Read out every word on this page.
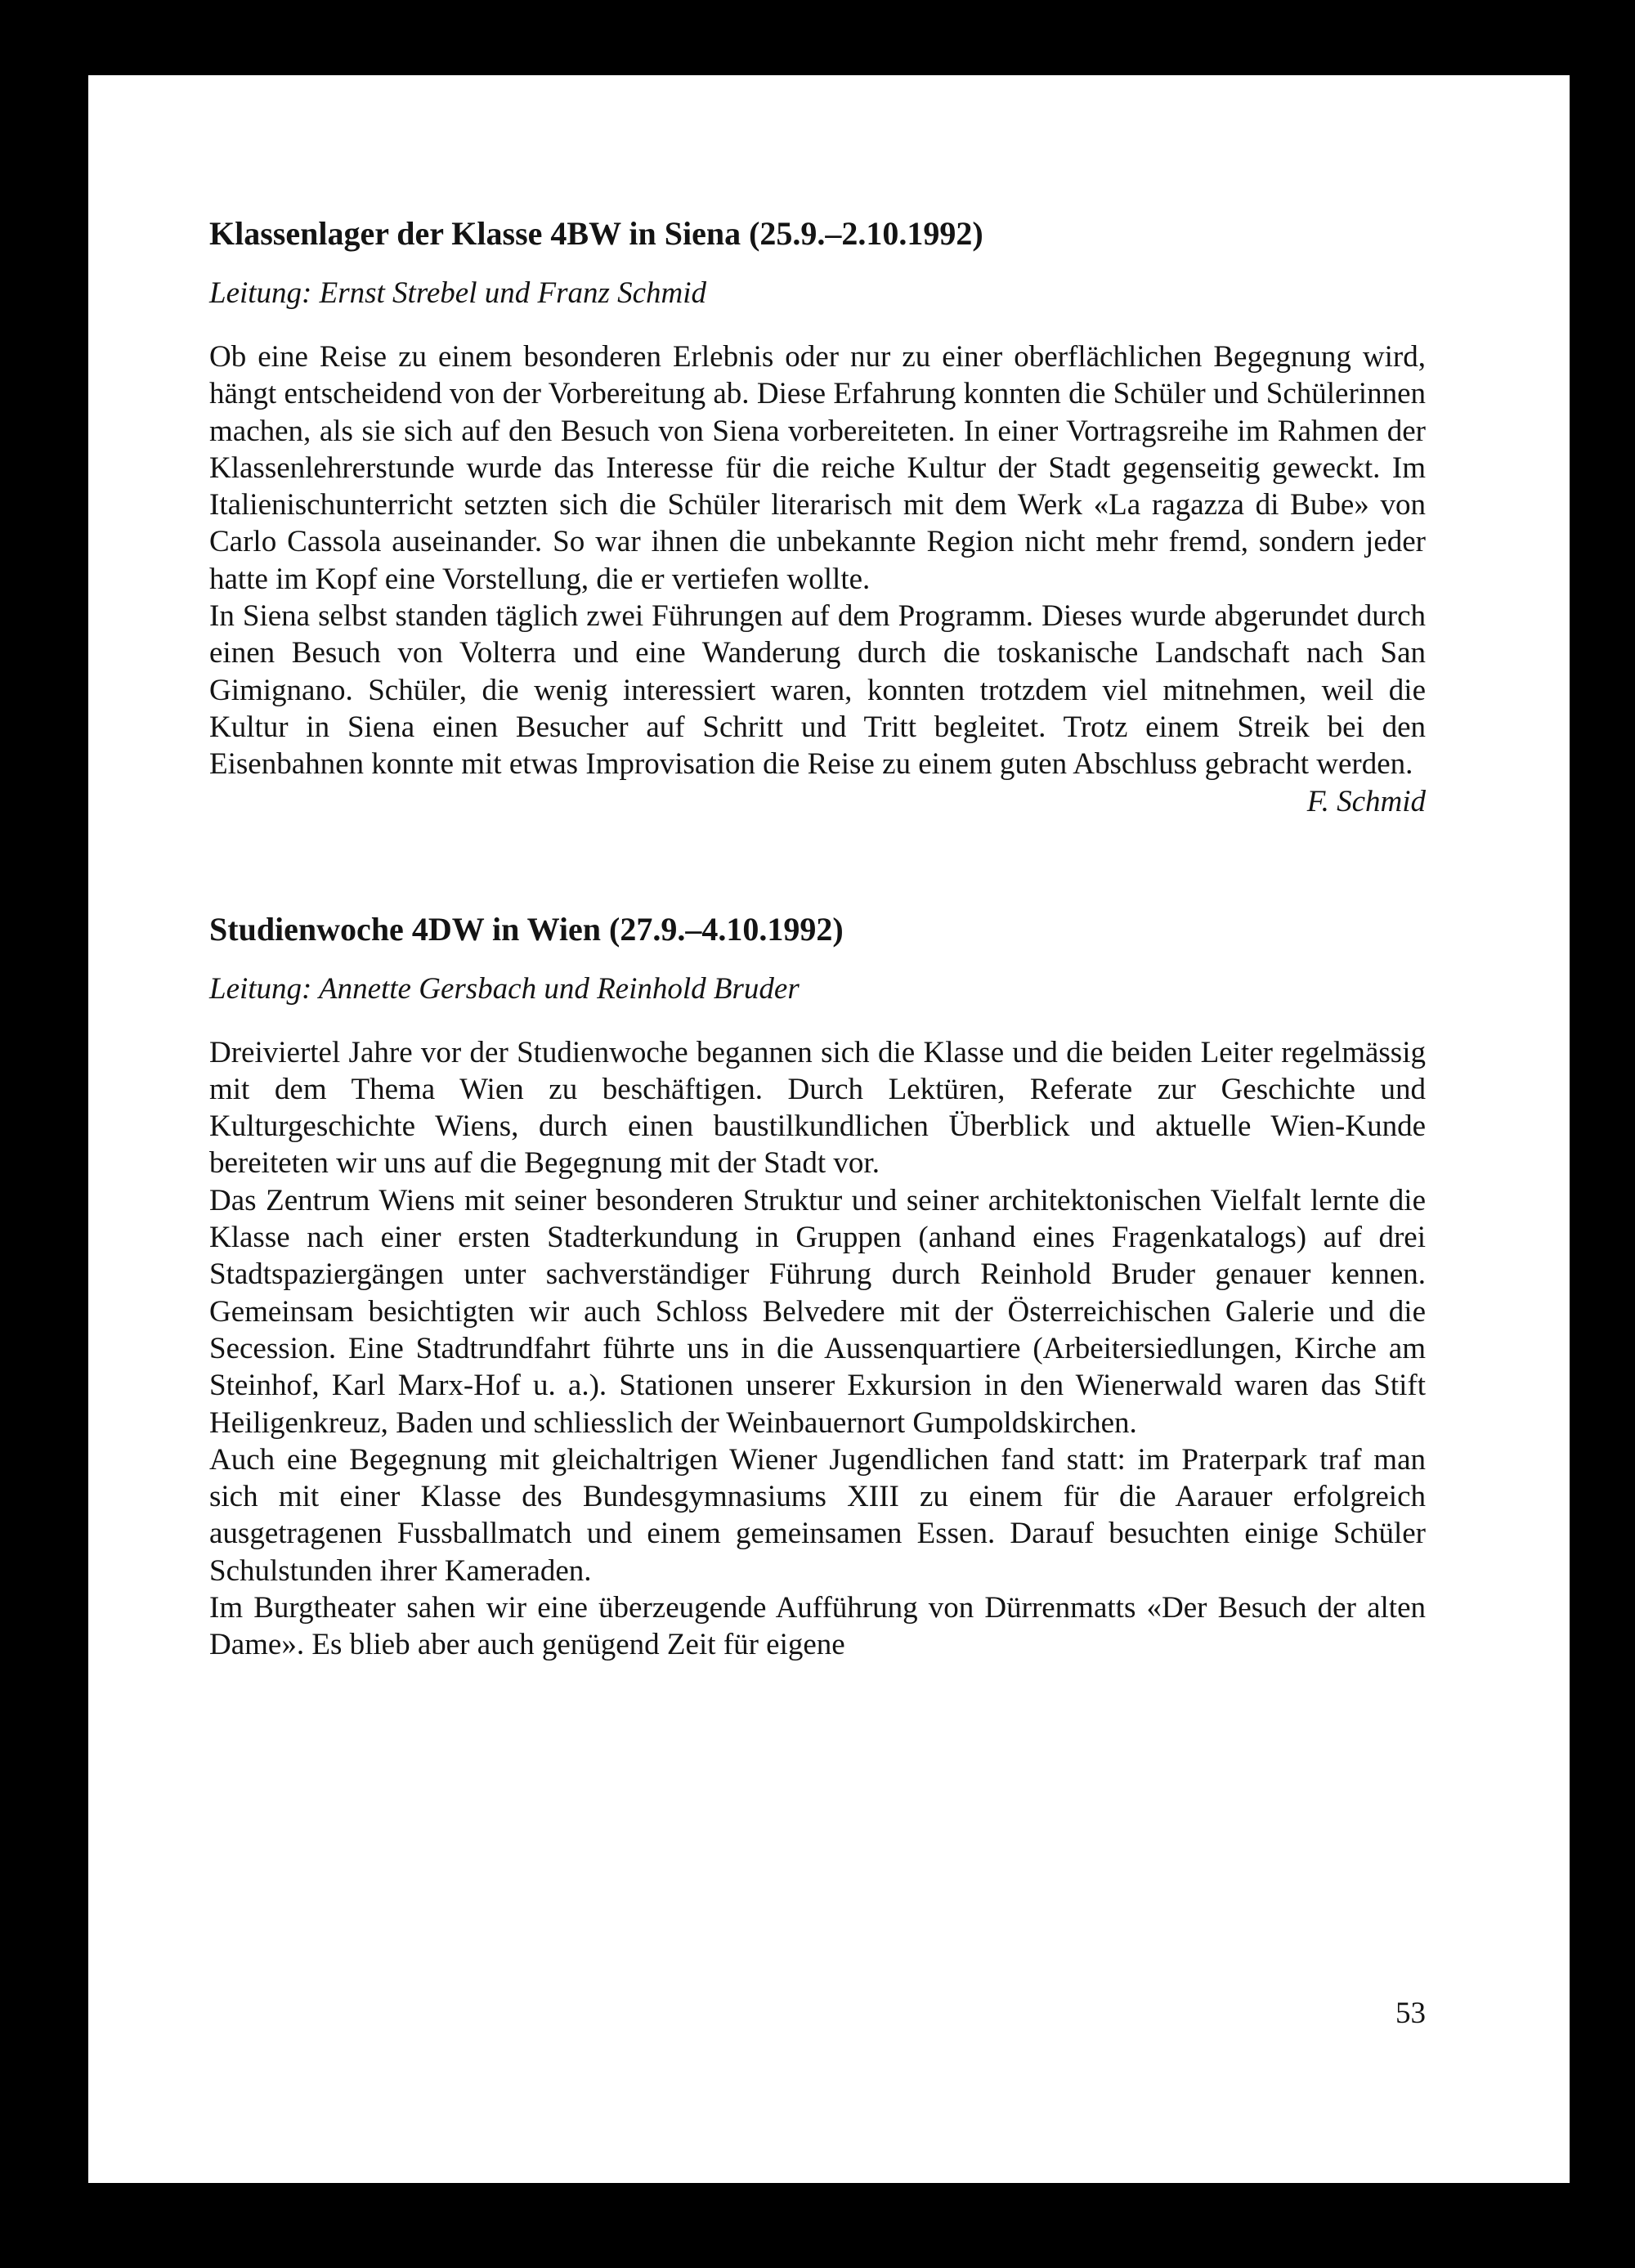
Klassenlager der Klasse 4BW in Siena (25.9.–2.10.1992)

Leitung: Ernst Strebel und Franz Schmid

Ob eine Reise zu einem besonderen Erlebnis oder nur zu einer oberflächlichen Begegnung wird, hängt entscheidend von der Vorbereitung ab. Diese Erfahrung konnten die Schüler und Schülerinnen machen, als sie sich auf den Besuch von Siena vorbereiteten. In einer Vortragsreihe im Rahmen der Klassenlehrerstunde wurde das Interesse für die reiche Kultur der Stadt gegenseitig geweckt. Im Italienischunterricht setzten sich die Schüler literarisch mit dem Werk «La ragazza di Bube» von Carlo Cassola auseinander. So war ihnen die unbekannte Region nicht mehr fremd, sondern jeder hatte im Kopf eine Vorstellung, die er vertiefen wollte.

In Siena selbst standen täglich zwei Führungen auf dem Programm. Dieses wurde abgerundet durch einen Besuch von Volterra und eine Wanderung durch die toskanische Landschaft nach San Gimignano. Schüler, die wenig interessiert waren, konnten trotzdem viel mitnehmen, weil die Kultur in Siena einen Besucher auf Schritt und Tritt begleitet. Trotz einem Streik bei den Eisenbahnen konnte mit etwas Improvisation die Reise zu einem guten Abschluss gebracht werden.

F. Schmid

Studienwoche 4DW in Wien (27.9.–4.10.1992)

Leitung: Annette Gersbach und Reinhold Bruder

Dreiviertel Jahre vor der Studienwoche begannen sich die Klasse und die beiden Leiter regelmässig mit dem Thema Wien zu beschäftigen. Durch Lektüren, Referate zur Geschichte und Kulturgeschichte Wiens, durch einen baustilkundlichen Überblick und aktuelle Wien-Kunde bereiteten wir uns auf die Begegnung mit der Stadt vor.

Das Zentrum Wiens mit seiner besonderen Struktur und seiner architektonischen Vielfalt lernte die Klasse nach einer ersten Stadterkundung in Gruppen (anhand eines Fragenkatalogs) auf drei Stadtspaziergängen unter sachverständiger Führung durch Reinhold Bruder genauer kennen. Gemeinsam besichtigten wir auch Schloss Belvedere mit der Österreichischen Galerie und die Secession. Eine Stadtrundfahrt führte uns in die Aussenquartiere (Arbeitersiedlungen, Kirche am Steinhof, Karl Marx-Hof u. a.). Stationen unserer Exkursion in den Wienerwald waren das Stift Heiligenkreuz, Baden und schliesslich der Weinbauernort Gumpoldskirchen.

Auch eine Begegnung mit gleichaltrigen Wiener Jugendlichen fand statt: im Praterpark traf man sich mit einer Klasse des Bundesgymnasiums XIII zu einem für die Aarauer erfolgreich ausgetragenen Fussballmatch und einem gemeinsamen Essen. Darauf besuchten einige Schüler Schulstunden ihrer Kameraden.

Im Burgtheater sahen wir eine überzeugende Aufführung von Dürrenmatts «Der Besuch der alten Dame». Es blieb aber auch genügend Zeit für eigene

53
